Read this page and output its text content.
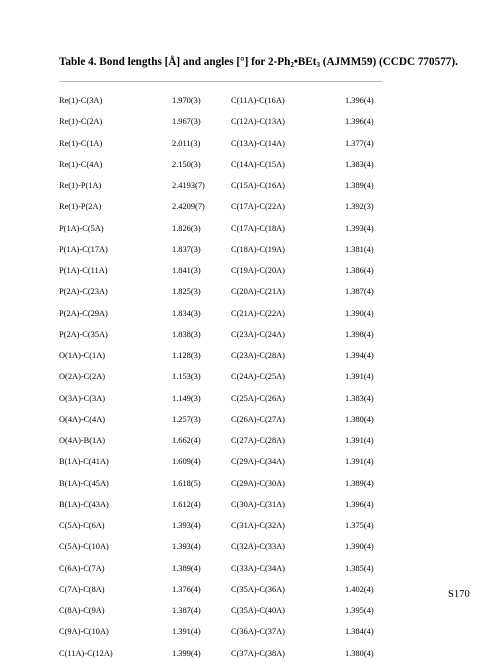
Table 4. Bond lengths [Å] and angles [°] for $2-Ph_2•BEt_3$ (AJMM59) (CCDC 770577).
Re(1)-C(3A)	1.970(3)	C(11A)-C(16A)	1.396(4)
Re(1)-C(2A)	1.967(3)	C(12A)-C(13A)	1.396(4)
Re(1)-C(1A)	2.011(3)	C(13A)-C(14A)	1.377(4)
Re(1)-C(4A)	2.150(3)	C(14A)-C(15A)	1.383(4)
Re(1)-P(1A)	2.4193(7)	C(15A)-C(16A)	1.389(4)
Re(1)-P(2A)	2.4209(7)	C(17A)-C(22A)	1.392(3)
P(1A)-C(5A)	1.826(3)	C(17A)-C(18A)	1.393(4)
P(1A)-C(17A)	1.837(3)	C(18A)-C(19A)	1.381(4)
P(1A)-C(11A)	1.841(3)	C(19A)-C(20A)	1.386(4)
P(2A)-C(23A)	1.825(3)	C(20A)-C(21A)	1.387(4)
P(2A)-C(29A)	1.834(3)	C(21A)-C(22A)	1.390(4)
P(2A)-C(35A)	1.838(3)	C(23A)-C(24A)	1.398(4)
O(1A)-C(1A)	1.128(3)	C(23A)-C(28A)	1.394(4)
O(2A)-C(2A)	1.153(3)	C(24A)-C(25A)	1.391(4)
O(3A)-C(3A)	1.149(3)	C(25A)-C(26A)	1.383(4)
O(4A)-C(4A)	1.257(3)	C(26A)-C(27A)	1.380(4)
O(4A)-B(1A)	1.662(4)	C(27A)-C(28A)	1.391(4)
B(1A)-C(41A)	1.609(4)	C(29A)-C(34A)	1.391(4)
B(1A)-C(45A)	1.618(5)	C(29A)-C(30A)	1.389(4)
B(1A)-C(43A)	1.612(4)	C(30A)-C(31A)	1.396(4)
C(5A)-C(6A)	1.393(4)	C(31A)-C(32A)	1.375(4)
C(5A)-C(10A)	1.393(4)	C(32A)-C(33A)	1.390(4)
C(6A)-C(7A)	1.389(4)	C(33A)-C(34A)	1.385(4)
C(7A)-C(8A)	1.376(4)	C(35A)-C(36A)	1.402(4)
C(8A)-C(9A)	1.387(4)	C(35A)-C(40A)	1.395(4)
C(9A)-C(10A)	1.391(4)	C(36A)-C(37A)	1.384(4)
C(11A)-C(12A)	1.399(4)	C(37A)-C(38A)	1.380(4)
S170
